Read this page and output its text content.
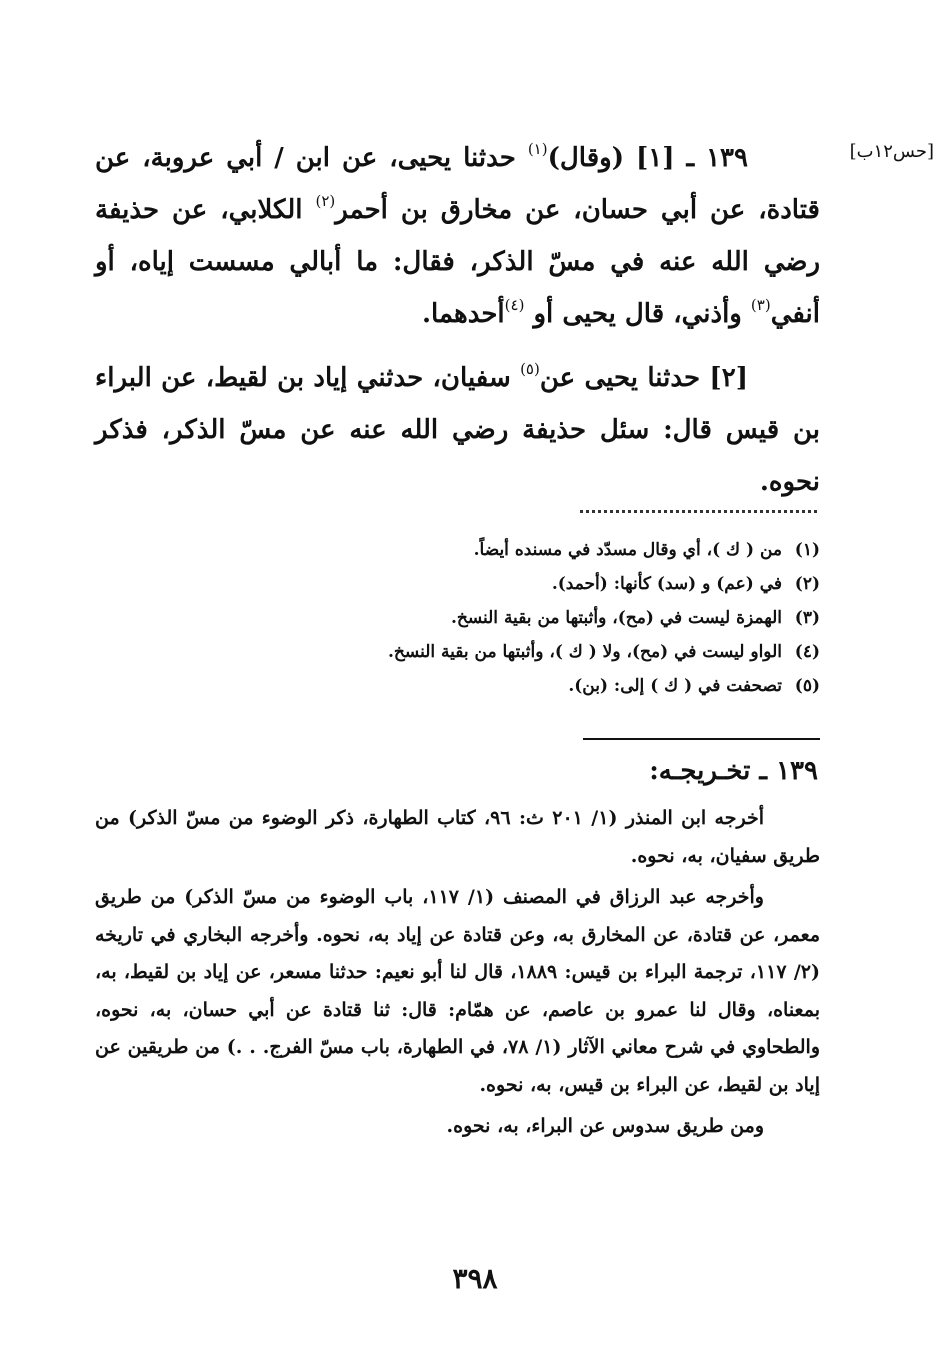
[حس١٢ب]

١٣٩ ـ [١] (وقال)$^{(١)}$ حدثنا يحيى، عن ابن / أبي عروبة، عن قتادة، عن أبي حسان، عن مخارق بن أحمر$^{(٢)}$ الكلابي، عن حذيفة رضي الله عنه في مسّ الذكر، فقال: ما أبالي مسست إياه، أو أنفي$^{(٣)}$ وأذني، قال يحيى أو $^{(٤)}$أحدهما.

[٢] حدثنا يحيى عن$^{(٥)}$ سفيان، حدثني إياد بن لقيط، عن البراء بن قيس قال: سئل حذيفة رضي الله عنه عن مسّ الذكر، فذكر نحوه.

(١)
من ( ك )، أي وقال مسدّد في مسنده أيضاً.
(٢)
في (عم) و (سد) كأنها: (أحمد).
(٣)
الهمزة ليست في (مح)، وأثبتها من بقية النسخ.
(٤)
الواو ليست في (مح)، ولا ( ك )، وأثبتها من بقية النسخ.
(٥)
تصحفت في ( ك ) إلى: (بن).
١٣٩ ـ تخـريجـه:

أخرجه ابن المنذر (١/ ٢٠١ ث: ٩٦، كتاب الطهارة، ذكر الوضوء من مسّ الذكر) من طريق سفيان، به، نحوه.

وأخرجه عبد الرزاق في المصنف (١/ ١١٧، باب الوضوء من مسّ الذكر) من طريق معمر، عن قتادة، عن المخارق به، وعن قتادة عن إياد به، نحوه. وأخرجه البخاري في تاريخه (٢/ ١١٧، ترجمة البراء بن قيس: ١٨٨٩، قال لنا أبو نعيم: حدثنا مسعر، عن إياد بن لقيط، به، بمعناه، وقال لنا عمرو بن عاصم، عن همّام: قال: ثنا قتادة عن أبي حسان، به، نحوه، والطحاوي في شرح معاني الآثار (١/ ٧٨، في الطهارة، باب مسّ الفرج. . .) من طريقين عن إياد بن لقيط، عن البراء بن قيس، به، نحوه.

ومن طريق سدوس عن البراء، به، نحوه.

٣٩٨
